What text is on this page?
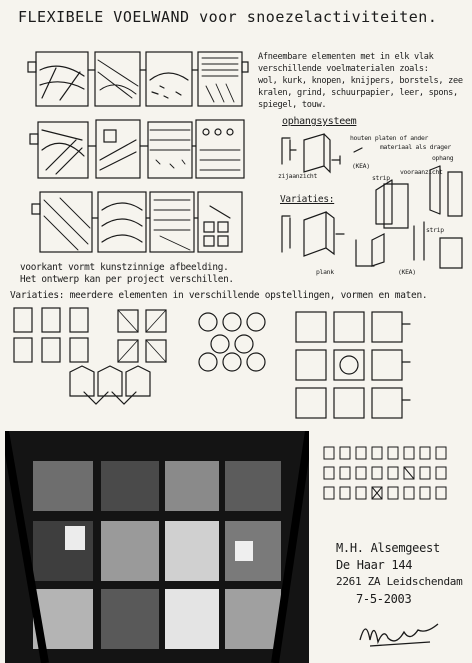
FLEXIBELE VOELWAND voor snoezelactiviteiten.
Afneembare elementen met in elk vlak
verschillende voelmaterialen zoals:
wol, kurk, knopen, knijpers, borstels, zee
kralen, grind, schuurpapier, leer, spons,
spiegel, touw.
ophangsysteem
houten platen of ander
materiaal als drager
zijaanzicht
(KEA)
vooraanzicht
ophang
strip
Variaties:
plank	(KEA)
strip
voorkant vormt kunstzinnige afbeelding.
Het ontwerp kan per project verschillen.
Variaties: meerdere elementen in verschillende opstellingen, vormen en maten.
M.H. Alsemgeest
De Haar 144
2261 ZA Leidschendam
7-5-2003
